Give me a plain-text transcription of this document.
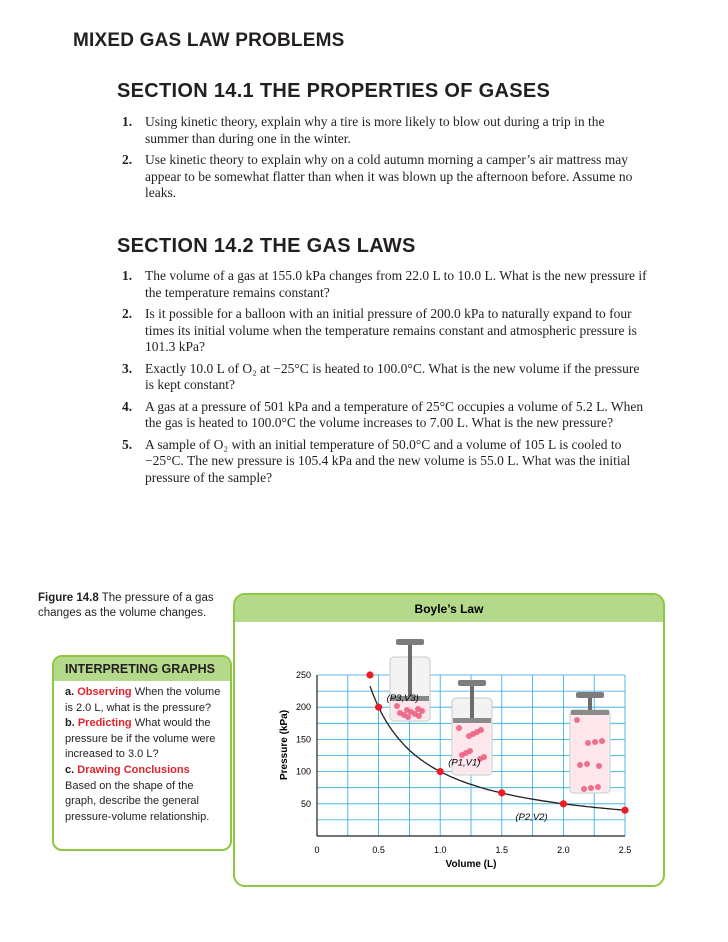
MIXED GAS LAW PROBLEMS
SECTION 14.1 THE PROPERTIES OF GASES
1. Using kinetic theory, explain why a tire is more likely to blow out during a trip in the summer than during one in the winter.
2. Use kinetic theory to explain why on a cold autumn morning a camper’s air mattress may appear to be somewhat flatter than when it was blown up the afternoon before. Assume no leaks.
SECTION 14.2 THE GAS LAWS
1. The volume of a gas at 155.0 kPa changes from 22.0 L to 10.0 L. What is the new pressure if the temperature remains constant?
2. Is it possible for a balloon with an initial pressure of 200.0 kPa to naturally expand to four times its initial volume when the temperature remains constant and atmospheric pressure is 101.3 kPa?
3. Exactly 10.0 L of O₂ at −25°C is heated to 100.0°C. What is the new volume if the pressure is kept constant?
4. A gas at a pressure of 501 kPa and a temperature of 25°C occupies a volume of 5.2 L. When the gas is heated to 100.0°C the volume increases to 7.00 L. What is the new pressure?
5. A sample of O₂ with an initial temperature of 50.0°C and a volume of 105 L is cooled to −25°C. The new pressure is 105.4 kPa and the new volume is 55.0 L. What was the initial pressure of the sample?
Figure 14.8 The pressure of a gas changes as the volume changes.
INTERPRETING GRAPHS
a. Observing When the volume is 2.0 L, what is the pressure?
b. Predicting What would the pressure be if the volume were increased to 3.0 L?
c. Drawing Conclusions
Based on the shape of the graph, describe the general pressure-volume relationship.
Boyle’s Law
0	0.5	1.0	1.5	2.0	2.5
50
100
150
200
250
(P3,V3)
(P1,V1)
(P2,V2)
Volume (L)
Pressure (kPa)
